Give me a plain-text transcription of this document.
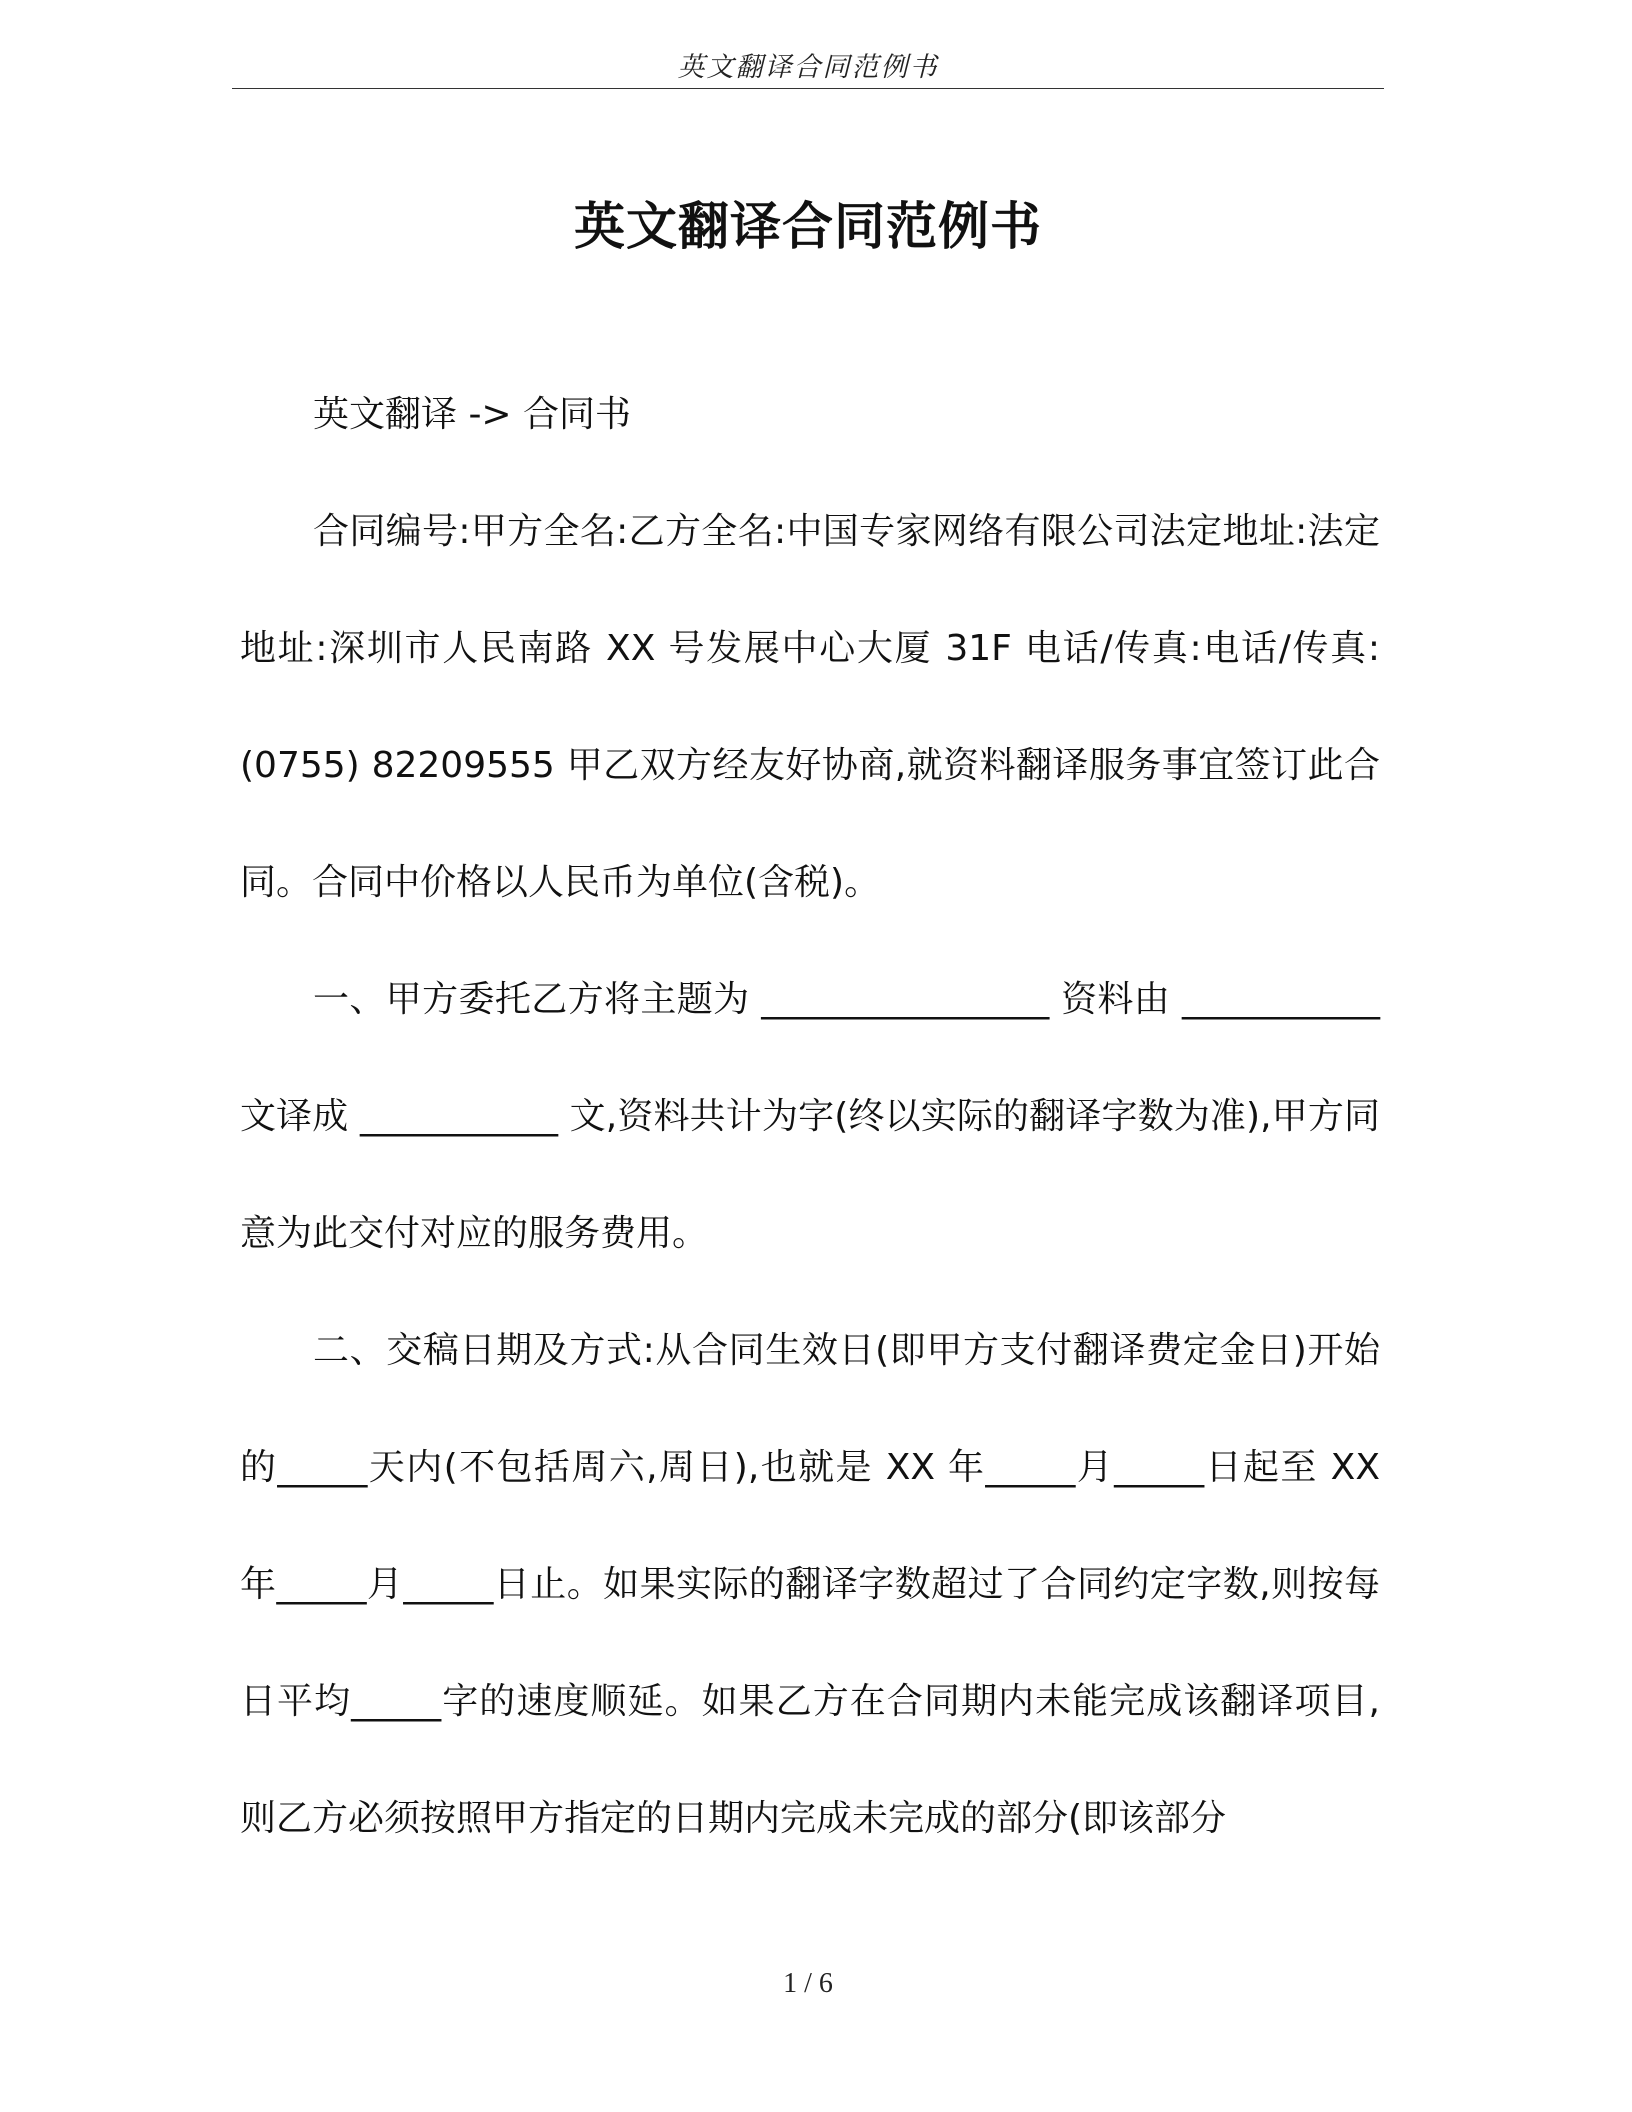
英文翻译合同范例书
英文翻译合同范例书

英文翻译 -> 合同书

合同编号:甲方全名:乙方全名:中国专家网络有限公司法定地址:法定地址:深圳市人民南路 XX 号发展中心大厦 31F 电话/传真:电话/传真:(0755) 82209555 甲乙双方经友好协商,就资料翻译服务事宜签订此合同。合同中价格以人民币为单位(含税)。

一、甲方委托乙方将主题为 ________________ 资料由 ___________ 文译成 ___________ 文,资料共计为字(终以实际的翻译字数为准),甲方同意为此交付对应的服务费用。

二、交稿日期及方式:从合同生效日(即甲方支付翻译费定金日)开始的_____天内(不包括周六,周日),也就是 XX 年_____月_____日起至 XX 年_____月_____日止。如果实际的翻译字数超过了合同约定字数,则按每日平均_____字的速度顺延。如果乙方在合同期内未能完成该翻译项目,则乙方必须按照甲方指定的日期内完成未完成的部分(即该部分

1 / 6
